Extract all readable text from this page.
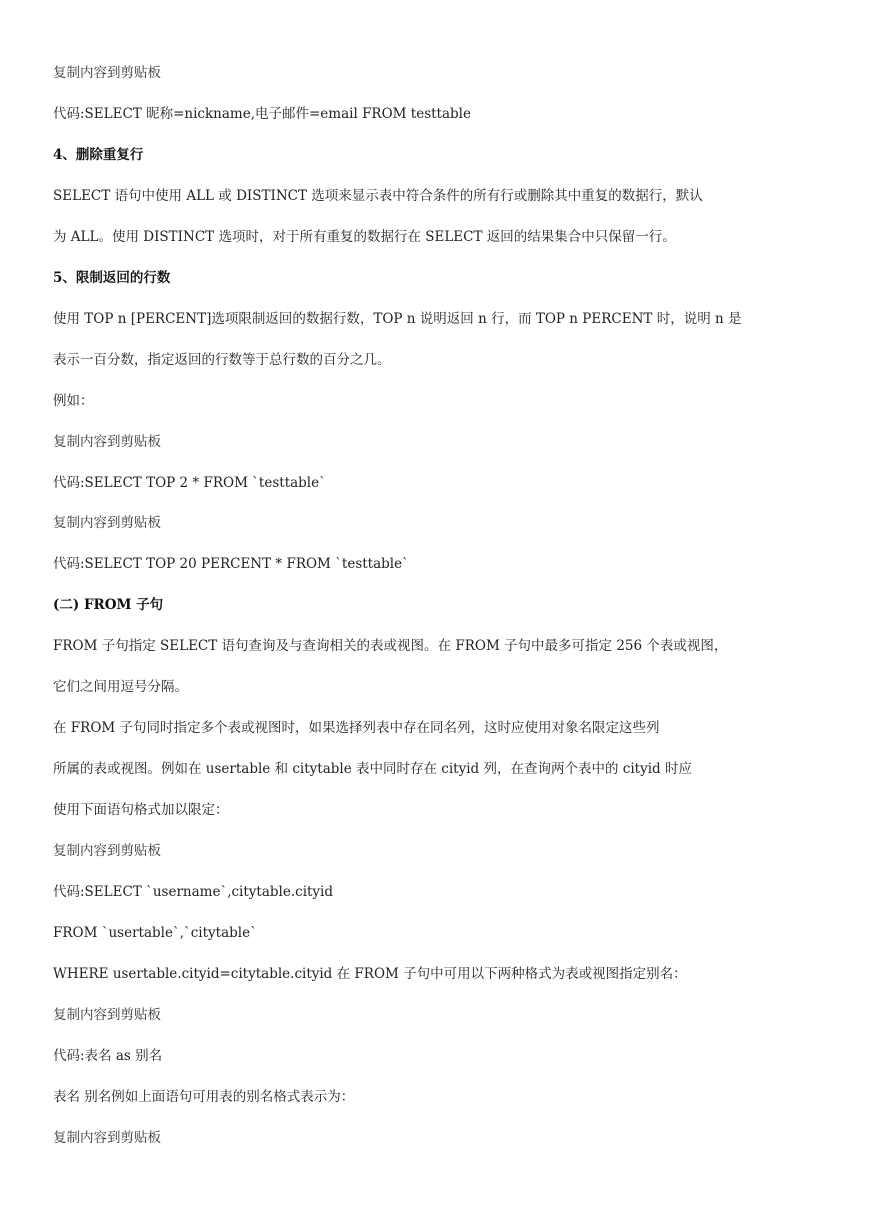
复制内容到剪贴板

代码:SELECT 昵称=nickname,电子邮件=email FROM testtable

4、删除重复行

SELECT 语句中使用 ALL 或 DISTINCT 选项来显示表中符合条件的所有行或删除其中重复的数据行，默认

为 ALL。使用 DISTINCT 选项时，对于所有重复的数据行在 SELECT 返回的结果集合中只保留一行。

5、限制返回的行数

使用 TOP n [PERCENT]选项限制返回的数据行数，TOP n 说明返回 n 行，而 TOP n PERCENT 时，说明 n 是

表示一百分数，指定返回的行数等于总行数的百分之几。

例如：

复制内容到剪贴板

代码:SELECT TOP 2 * FROM `testtable`

复制内容到剪贴板

代码:SELECT TOP 20 PERCENT * FROM `testtable`

(二) FROM 子句

FROM 子句指定 SELECT 语句查询及与查询相关的表或视图。在 FROM 子句中最多可指定 256 个表或视图，

它们之间用逗号分隔。

在 FROM 子句同时指定多个表或视图时，如果选择列表中存在同名列，这时应使用对象名限定这些列

所属的表或视图。例如在 usertable 和 citytable 表中同时存在 cityid 列，在查询两个表中的 cityid 时应

使用下面语句格式加以限定：

复制内容到剪贴板

代码:SELECT `username`,citytable.cityid

FROM `usertable`,`citytable`

WHERE usertable.cityid=citytable.cityid 在 FROM 子句中可用以下两种格式为表或视图指定别名：

复制内容到剪贴板

代码:表名 as 别名

表名 别名例如上面语句可用表的别名格式表示为：

复制内容到剪贴板
